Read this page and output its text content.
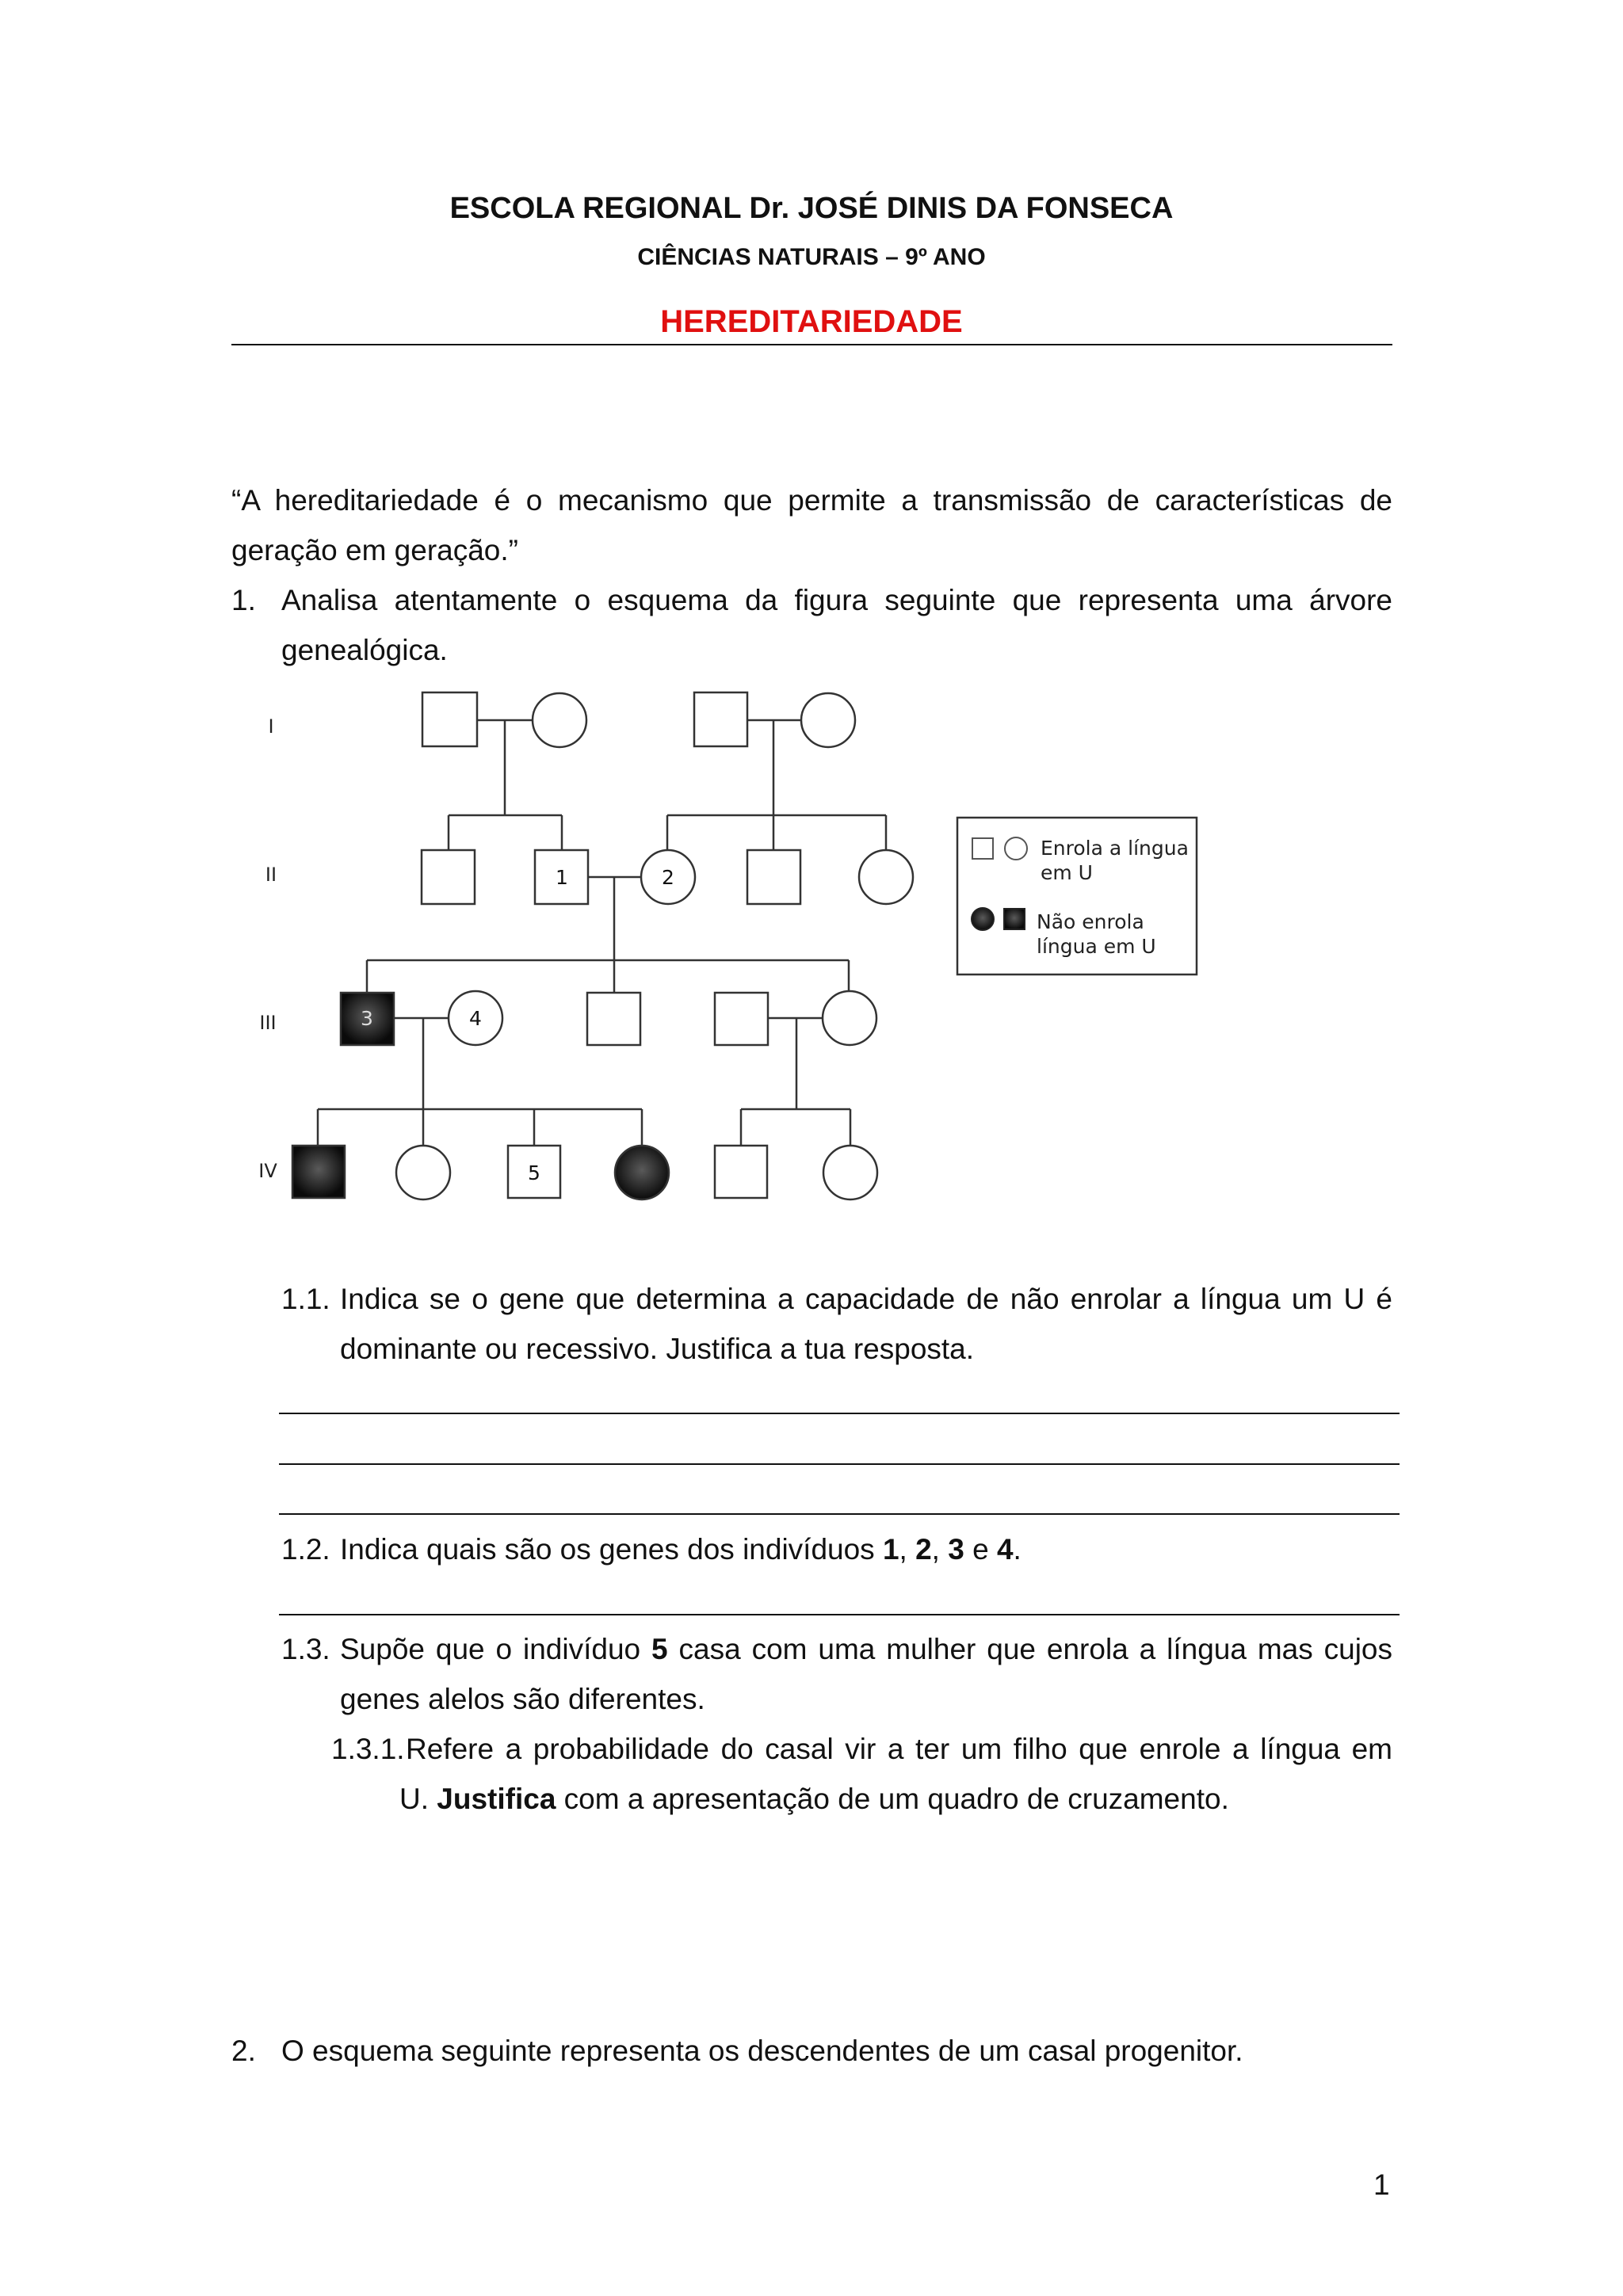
ESCOLA REGIONAL Dr. JOSÉ DINIS DA FONSECA
CIÊNCIAS NATURAIS – 9º ANO
HEREDITARIEDADE
“A hereditariedade é o mecanismo que permite a transmissão de características de
geração em geração.”
1. Analisa atentamente o esquema da figura seguinte que representa uma árvore
genealógica.
I
II
III
IV
1	2
3	4
5
Enrola a língua
em U
Não enrola
língua em U
1.1. Indica se o gene que determina a capacidade de não enrolar a língua um U é
dominante ou recessivo. Justifica a tua resposta.
1.2. Indica quais são os genes dos indivíduos 1, 2, 3 e 4.
1.3. Supõe que o indivíduo 5 casa com uma mulher que enrola a língua mas cujos
genes alelos são diferentes.
1.3.1. Refere a probabilidade do casal vir a ter um filho que enrole a língua em
U. Justifica com a apresentação de um quadro de cruzamento.
2. O esquema seguinte representa os descendentes de um casal progenitor.
1
